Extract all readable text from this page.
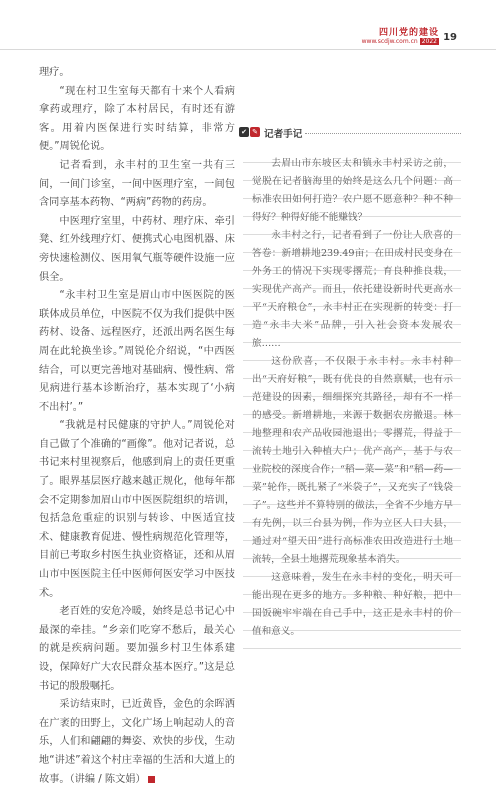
四川党的建设
www.scdjw.com.cn 2022 19

理疗。

“现在村卫生室每天都有十来个人看病拿药或理疗，除了本村居民，有时还有游客。用着内医保进行实时结算，非常方便。”周锐伦说。

记者看到，永丰村的卫生室一共有三间，一间门诊室，一间中医理疗室，一间包含同享基本药物、“两病”药物的药房。

中医理疗室里，中药材、理疗床、牵引凳、红外线理疗灯、便携式心电图机器、床旁快速检测仪、医用氧气瓶等硬件设施一应俱全。

“永丰村卫生室是眉山市中医医院的医联体成员单位，中医院不仅为我们提供中医药材、设备、远程医疗，还派出两名医生每周在此轮换坐诊。”周锐伦介绍说，“中西医结合，可以更完善地对基础病、慢性病、常见病进行基本诊断治疗，基本实现了‘小病不出村’。”

“我就是村民健康的守护人。”周锐伦对自己做了个准确的“画像”。他对记者说，总书记来村里视察后，他感到肩上的责任更重了。眼界基层医疗越来越正规化，他每年都会不定期参加眉山市中医医院组织的培训，包括急危重症的识别与转诊、中医适宜技术、健康教育促进、慢性病规范化管理等，目前已考取乡村医生执业资格证，还和从眉山市中医医院主任中医师何医安学习中医技术。

老百姓的安危冷暖，始终是总书记心中最深的牵挂。“乡亲们吃穿不愁后，最关心的就是疾病问题。要加强乡村卫生体系建设，保障好广大农民群众基本医疗。”这是总书记的殷殷嘱托。

采访结束时，已近黄昏，金色的余晖洒在广袤的田野上，文化广场上响起动人的音乐，人们和翩翩的舞姿、欢快的步伐，生动地“讲述”着这个村庄幸福的生活和大道上的故事。（讲编 / 陈文娟）

✔ ✎ 记者手记

去眉山市东坡区太和镇永丰村采访之前，觉脱在记者脑海里的始终是这么几个问题：高标准农田如何打造？农户愿不愿意种？种不种得好？种得好能不能赚钱？

永丰村之行，记者看到了一份让人欣喜的答卷：新增耕地239.49亩；在田成村民变身在外务工的情况下实现零撂荒；育良种推良栽，实现优产高产。而且，依托建设新时代更高水平“天府粮仓”，永丰村正在实现新的转变：打造“永丰大米”品牌，引入社会资本发展农旅……

这份欣喜，不仅限于永丰村。永丰村种出“天府好粮”，既有优良的自然禀赋，也有示范建设的因素，细细探究其路径，却有不一样的感受。新增耕地，来源于数据农房撤退。林地整理和农产品收园池退出；零撂荒，得益于流转土地引入种植大户；优产高产，基于与农业院校的深度合作；“稻—菜—菜”和“稻—药—菜”轮作，既扎紧了“米袋子”，又充实了“钱袋子”。这些并不算特别的做法，全省不少地方早有先例，以三台县为例，作为立区人口大县，通过对“望天田”进行高标准农田改造进行土地流转，全县土地撂荒现象基本消失。

这意味着，发生在永丰村的变化，明天可能出现在更多的地方。多种粮、种好粮，把中国饭碗牢牢端在自己手中，这正是永丰村的价值和意义。
